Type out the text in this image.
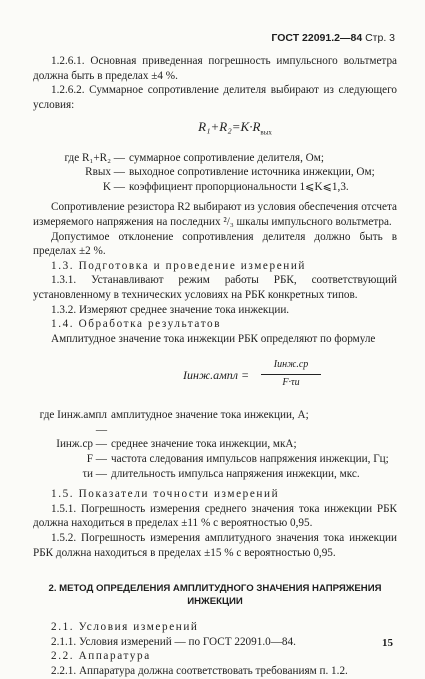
ГОСТ 22091.2—84 Стр. 3

1.2.6.1. Основная приведенная погрешность импульсного вольтметра должна быть в пределах ±4 %.

1.2.6.2. Суммарное сопротивление делителя выбирают из следующего условия:

$R_1+R_2=K\cdot R_{вых}$
где R₁+R₂ — суммарное сопротивление делителя, Ом;
Rвых — выходное сопротивление источника инжекции, Ом;
K — коэффициент пропорциональности 1⩽K⩽1,3.

Сопротивление резистора R2 выбирают из условия обеспечения отсчета измеряемого напряжения на последних ²/₃ шкалы импульсного вольтметра.

Допустимое отклонение сопротивления делителя должно быть в пределах ±2 %.

1.3. Подготовка и проведение измерений

1.3.1. Устанавливают режим работы РБК, соответствующий установленному в технических условиях на РБК конкретных типов.

1.3.2. Измеряют среднее значение тока инжекции.

1.4. Обработка результатов

Амплитудное значение тока инжекции РБК определяют по формуле

Iинж.ампл =
Iинж.ср
F·τи
где Iинж.ампл —
амплитудное значение тока инжекции, А;
Iинж.ср — среднее значение тока инжекции, мкА;
F — частота следования импульсов напряжения инжекции, Гц;
τи — длительность импульса напряжения инжекции, мкс.

1.5. Показатели точности измерений

1.5.1. Погрешность измерения среднего значения тока инжекции РБК должна находиться в пределах ±11 % с вероятностью 0,95.

1.5.2. Погрешность измерения амплитудного значения тока инжекции РБК должна находиться в пределах ±15 % с вероятностью 0,95.

2. МЕТОД ОПРЕДЕЛЕНИЯ АМПЛИТУДНОГО ЗНАЧЕНИЯ НАПРЯЖЕНИЯ ИНЖЕКЦИИ

2.1. Условия измерений

2.1.1. Условия измерений — по ГОСТ 22091.0—84.

2.2. Аппаратура

2.2.1. Аппаратура должна соответствовать требованиям п. 1.2.

15
